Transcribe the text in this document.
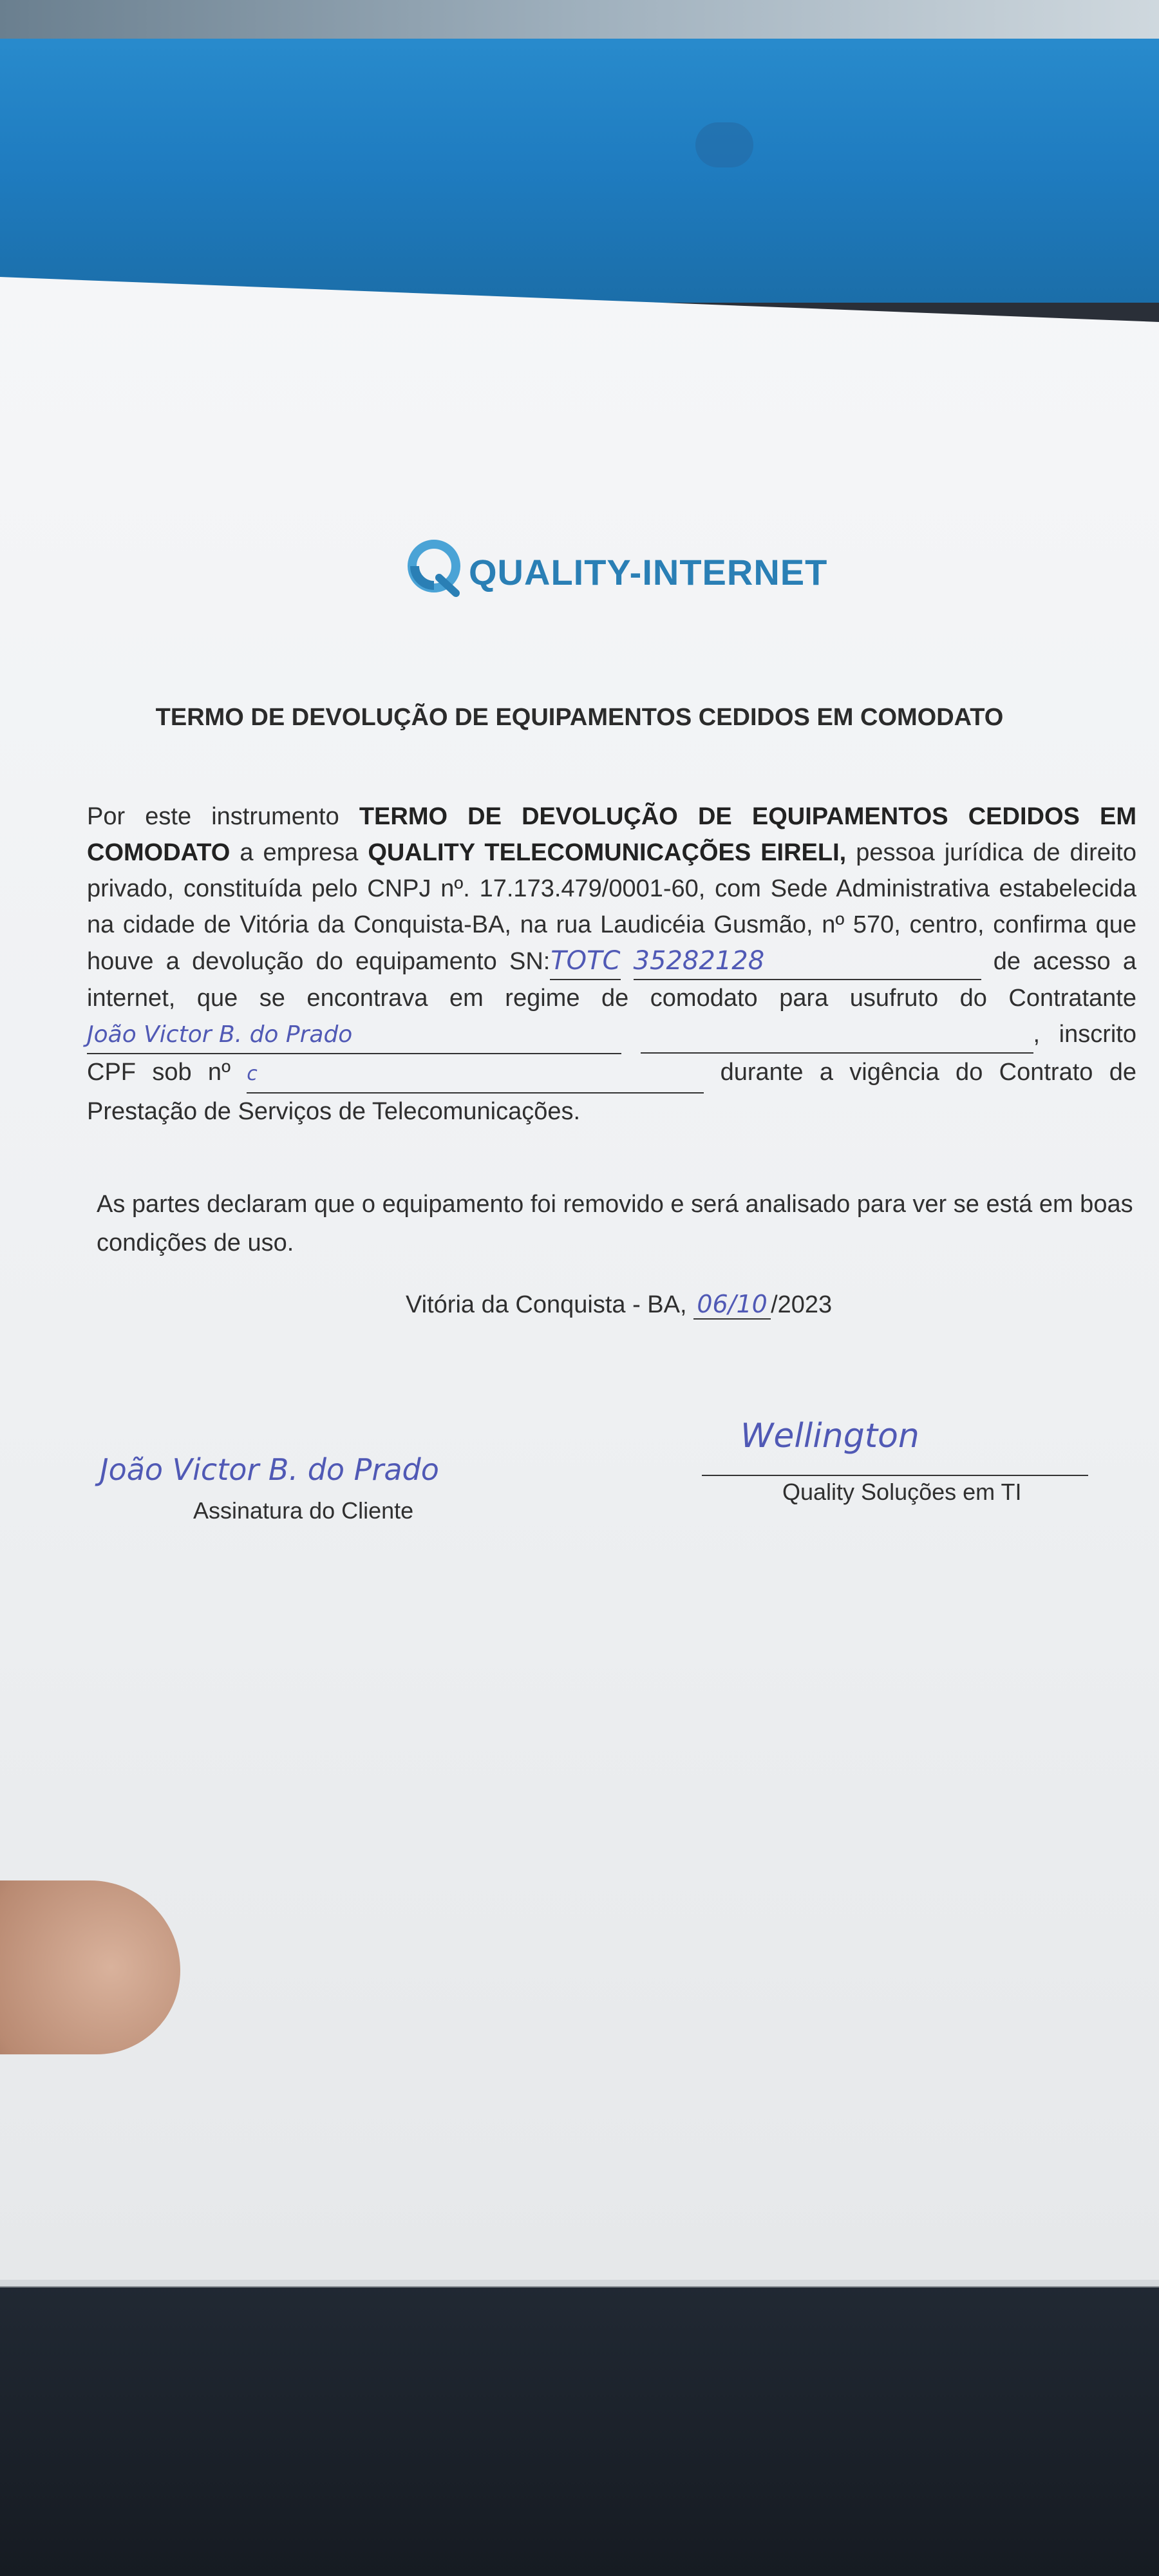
QUALITY-INTERNET
TERMO DE DEVOLUÇÃO DE EQUIPAMENTOS CEDIDOS EM COMODATO
Por este instrumento TERMO DE DEVOLUÇÃO DE EQUIPAMENTOS CEDIDOS EM COMODATO a empresa QUALITY TELECOMUNICAÇÕES EIRELI, pessoa jurídica de direito privado, constituída pelo CNPJ nº. 17.173.479/0001-60, com Sede Administrativa estabelecida na cidade de Vitória da Conquista-BA, na rua Laudicéia Gusmão, nº 570, centro, confirma que houve a devolução do equipamento SN:TOTC 35282128	de acesso a internet, que se encontrava em regime de comodato para usufruto do Contratante João Victor B. do Prado	, inscrito CPF sob nº c	durante a vigência do Contrato de Prestação de Serviços de Telecomunicações.
As partes declaram que o equipamento foi removido e será analisado para ver se está em boas condições de uso.
Vitória da Conquista - BA, 06/10 /2023
João Victor B. do Prado
Assinatura do Cliente
Wellington
Quality Soluções em TI
